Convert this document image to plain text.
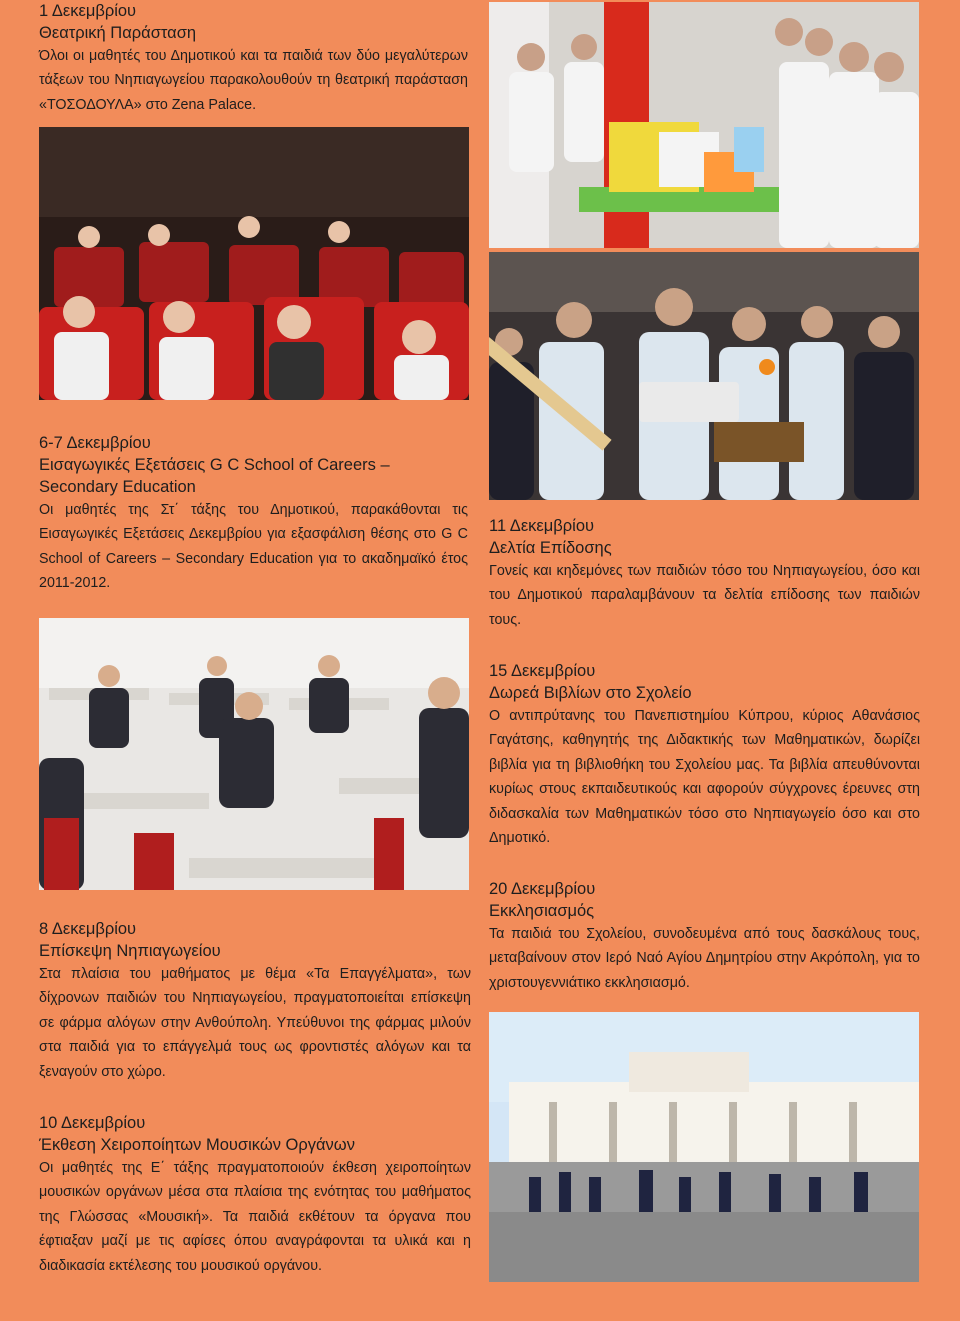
1 Δεκεμβρίου

Θεατρική Παράσταση

Όλοι οι μαθητές του Δημοτικού και τα παιδιά των δύο μεγαλύτερων τάξεων του Νηπιαγωγείου παρακολουθούν τη θεατρική παράσταση «ΤΟΣΟΔΟΥΛΑ» στο Zena Palace.

6-7 Δεκεμβρίου

Εισαγωγικές Εξετάσεις G C School of Careers – Secondary Education

Οι μαθητές της Στ΄ τάξης του Δημοτικού, παρακάθονται τις Εισαγωγικές Εξετάσεις Δεκεμβρίου για εξασφάλιση θέσης στο G C School of Careers – Secondary Education για το ακαδημαϊκό έτος 2011-2012.

8 Δεκεμβρίου

Επίσκεψη Νηπιαγωγείου

Στα πλαίσια του μαθήματος με θέμα «Τα Επαγγέλματα», των δίχρονων παιδιών του Νηπιαγωγείου, πραγματοποιείται επίσκεψη σε φάρμα αλόγων στην Ανθούπολη. Υπεύθυνοι της φάρμας μιλούν στα παιδιά για το επάγγελμά τους ως φροντιστές αλόγων και τα ξεναγούν στο χώρο.

10 Δεκεμβρίου

Έκθεση Χειροποίητων Μουσικών Οργάνων

Οι μαθητές της Ε΄ τάξης πραγματοποιούν έκθεση χειροποίητων μουσικών οργάνων μέσα στα πλαίσια της ενότητας του μαθήματος της Γλώσσας «Μουσική». Τα παιδιά εκθέτουν τα όργανα που έφτιαξαν μαζί με τις αφίσες όπου αναγράφονται τα υλικά και η διαδικασία εκτέλεσης του μουσικού οργάνου.

11 Δεκεμβρίου

Δελτία Επίδοσης

Γονείς και κηδεμόνες των παιδιών τόσο του Νηπιαγωγείου, όσο και του Δημοτικού παραλαμβάνουν τα δελτία επίδοσης των παιδιών τους.

15 Δεκεμβρίου

Δωρεά Βιβλίων στο Σχολείο

Ο αντιπρύτανης του Πανεπιστημίου Κύπρου, κύριος Αθανάσιος Γαγάτσης, καθηγητής της Διδακτικής των Μαθηματικών, δωρίζει βιβλία για τη βιβλιοθήκη του Σχολείου μας. Τα βιβλία απευθύνονται κυρίως στους εκπαιδευτικούς και αφορούν σύγχρονες έρευνες στη διδασκαλία των Μαθηματικών τόσο στο Νηπιαγωγείο όσο και στο Δημοτικό.

20 Δεκεμβρίου

Εκκλησιασμός

Τα παιδιά του Σχολείου, συνοδευμένα από τους δασκάλους τους, μεταβαίνουν στον Ιερό Ναό Αγίου Δημητρίου στην Ακρόπολη, για το χριστουγεννιάτικο εκκλησιασμό.
